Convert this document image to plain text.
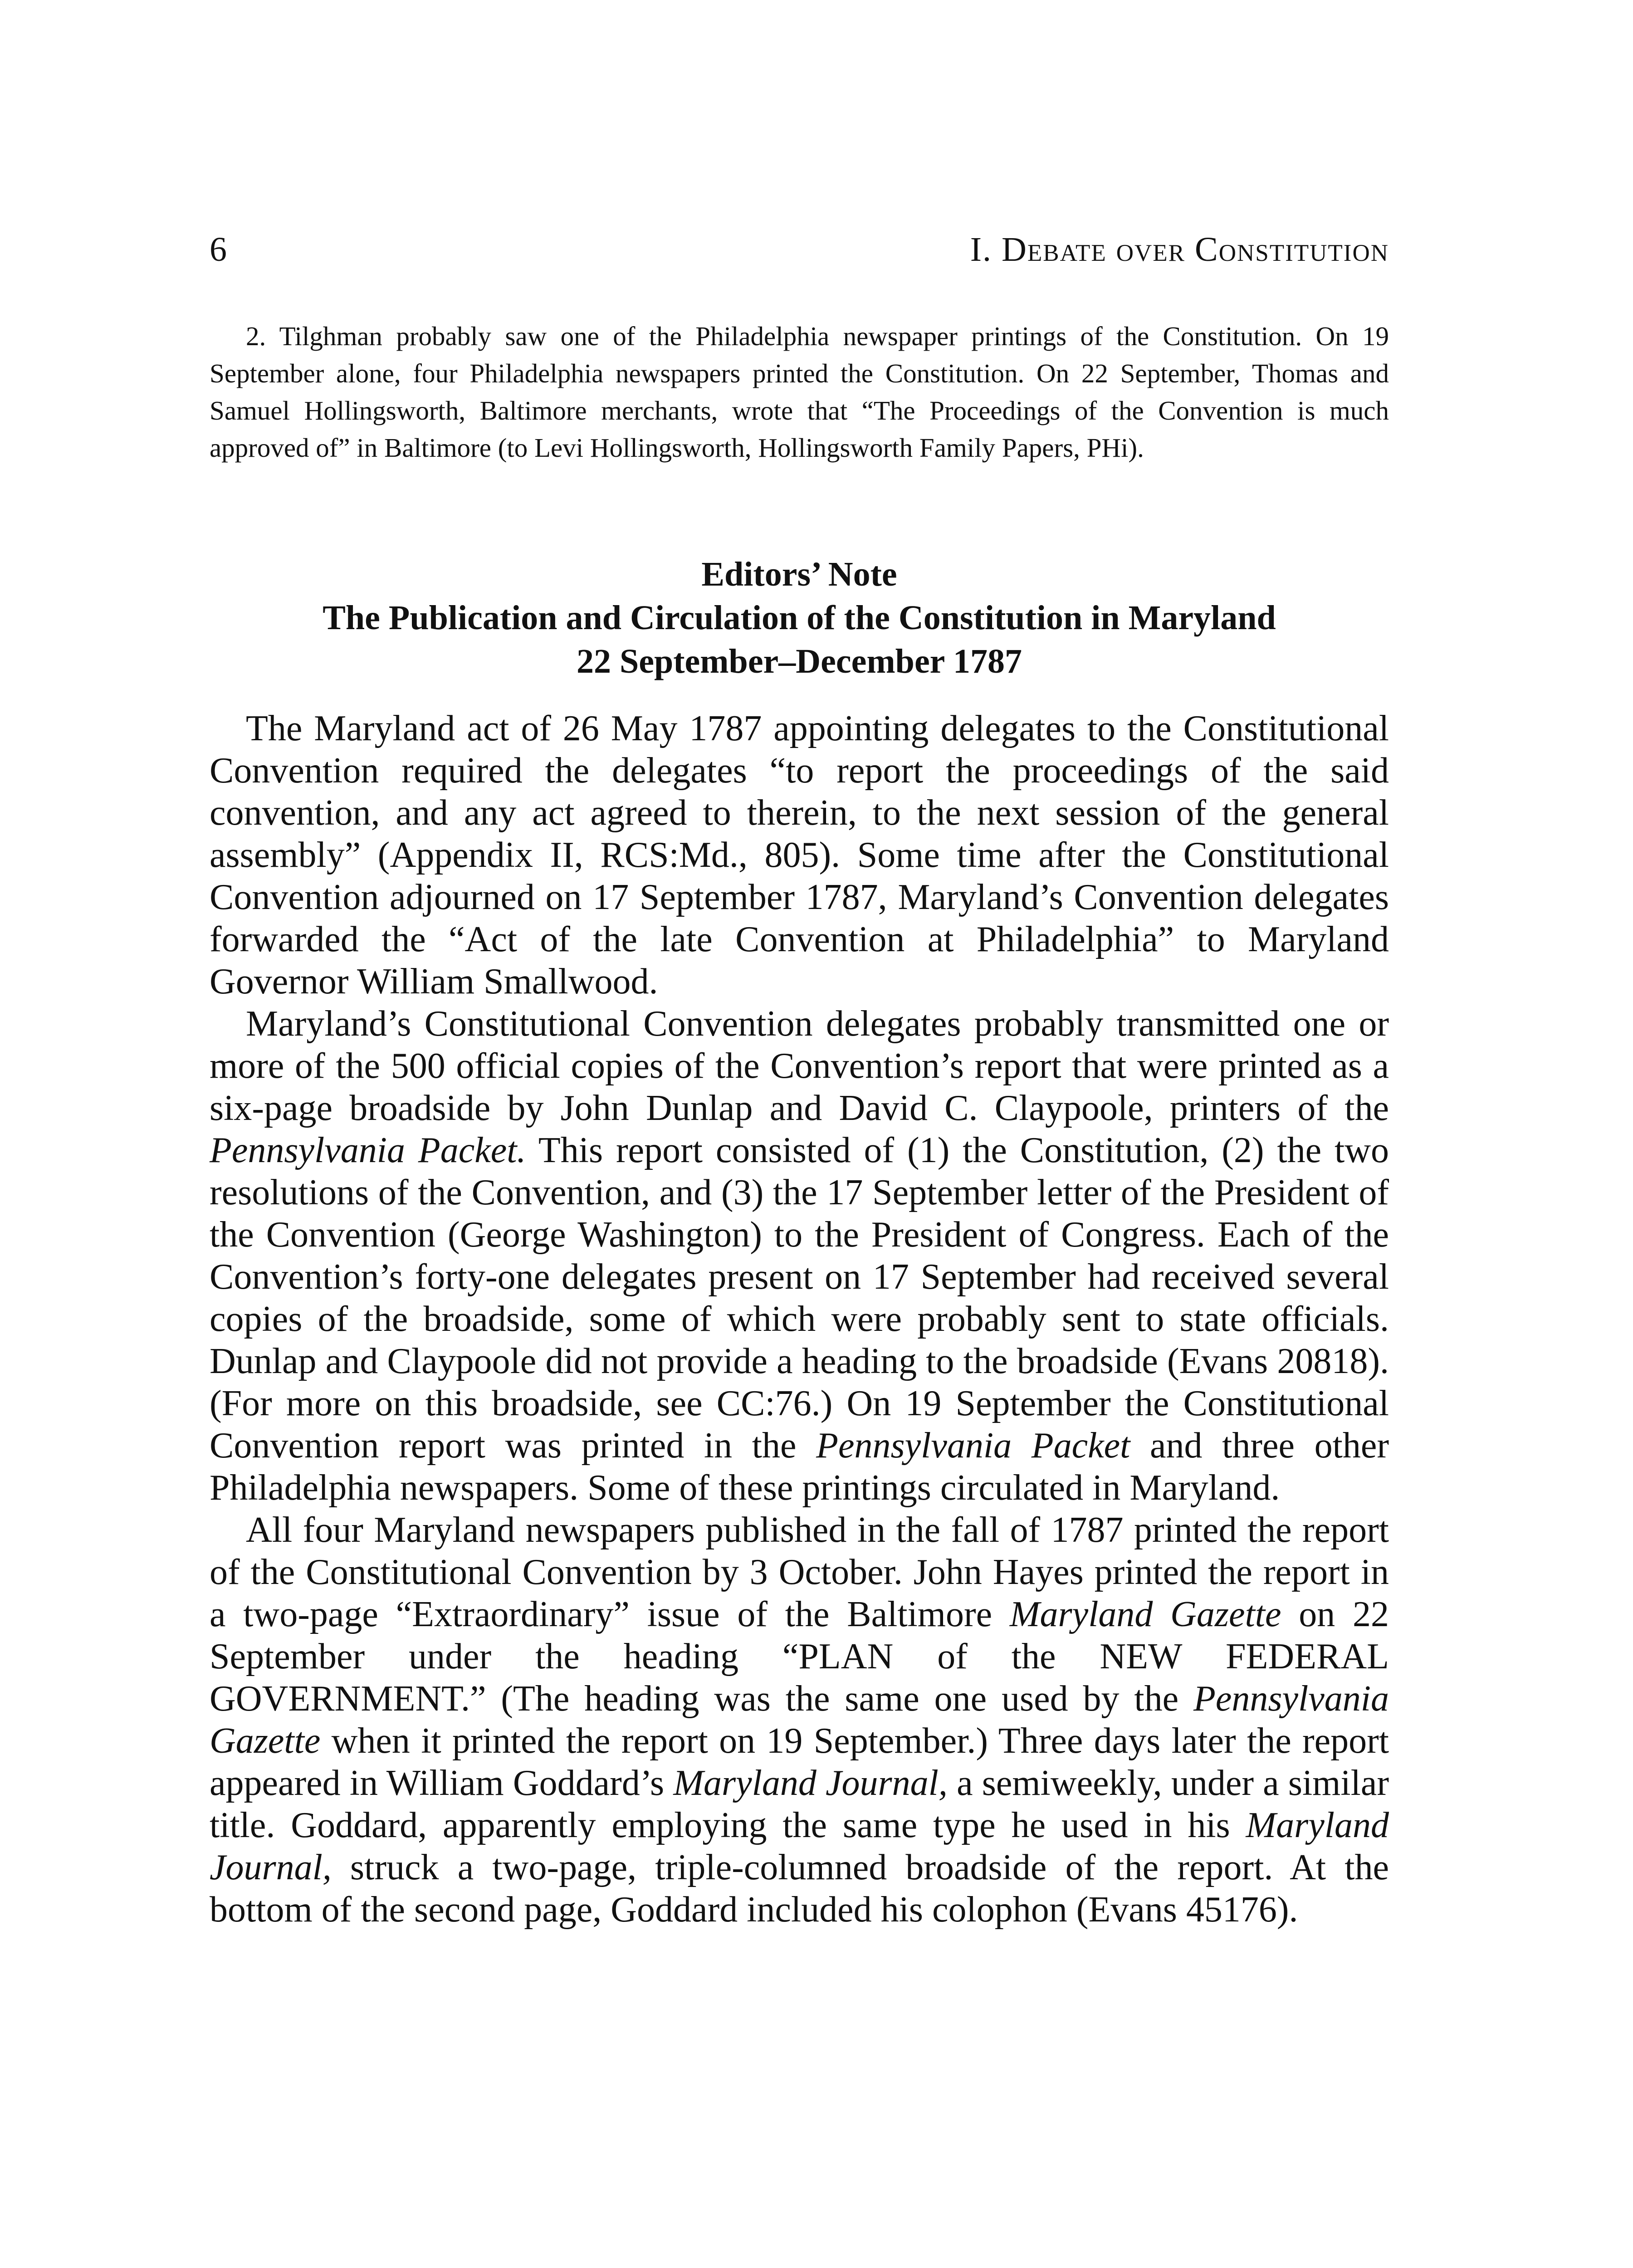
6	I. Debate over Constitution

2. Tilghman probably saw one of the Philadelphia newspaper printings of the Constitution. On 19 September alone, four Philadelphia newspapers printed the Constitution. On 22 September, Thomas and Samuel Hollingsworth, Baltimore merchants, wrote that “The Proceedings of the Convention is much approved of” in Baltimore (to Levi Hollingsworth, Hollingsworth Family Papers, PHi).

Editors’ Note
The Publication and Circulation of the Constitution in Maryland
22 September–December 1787

The Maryland act of 26 May 1787 appointing delegates to the Constitutional Convention required the delegates “to report the proceedings of the said convention, and any act agreed to therein, to the next session of the general assembly” (Appendix II, RCS:Md., 805). Some time after the Constitutional Convention adjourned on 17 September 1787, Maryland’s Convention delegates forwarded the “Act of the late Convention at Philadelphia” to Maryland Governor William Smallwood.

Maryland’s Constitutional Convention delegates probably transmitted one or more of the 500 official copies of the Convention’s report that were printed as a six-page broadside by John Dunlap and David C. Claypoole, printers of the Pennsylvania Packet. This report consisted of (1) the Constitution, (2) the two resolutions of the Convention, and (3) the 17 September letter of the President of the Convention (George Washington) to the President of Congress. Each of the Convention’s forty-one delegates present on 17 September had received several copies of the broadside, some of which were probably sent to state officials. Dunlap and Claypoole did not provide a heading to the broadside (Evans 20818). (For more on this broadside, see CC:76.) On 19 September the Constitutional Convention report was printed in the Pennsylvania Packet and three other Philadelphia newspapers. Some of these printings circulated in Maryland.

All four Maryland newspapers published in the fall of 1787 printed the report of the Constitutional Convention by 3 October. John Hayes printed the report in a two-page “Extraordinary” issue of the Baltimore Maryland Gazette on 22 September under the heading “PLAN of the NEW FEDERAL GOVERNMENT.” (The heading was the same one used by the Pennsylvania Gazette when it printed the report on 19 September.) Three days later the report appeared in William Goddard’s Maryland Journal, a semiweekly, under a similar title. Goddard, apparently employing the same type he used in his Maryland Journal, struck a two-page, triple-columned broadside of the report. At the bottom of the second page, Goddard included his colophon (Evans 45176).
